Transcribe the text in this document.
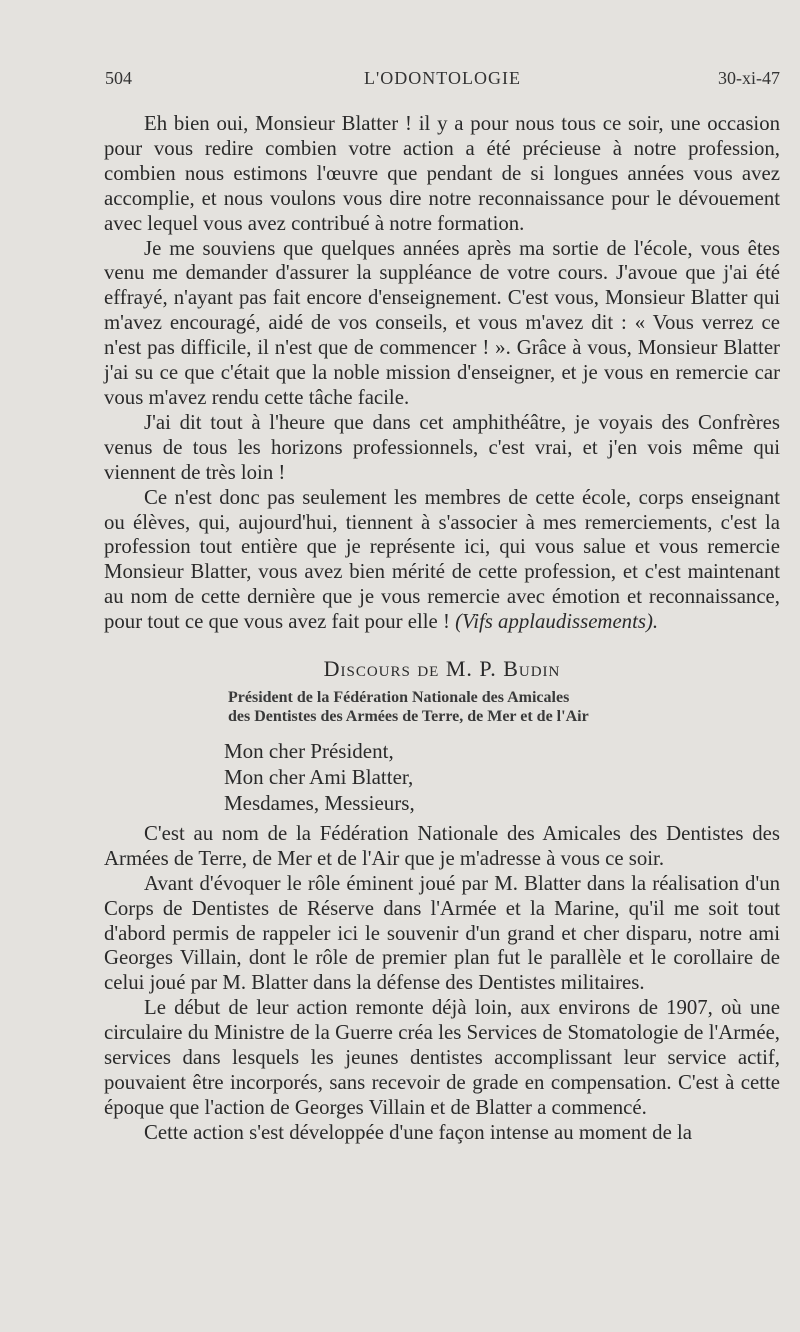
504	L'ODONTOLOGIE	30-xi-47

Eh bien oui, Monsieur Blatter ! il y a pour nous tous ce soir, une occasion pour vous redire combien votre action a été précieuse à notre profession, combien nous estimons l'œuvre que pendant de si longues années vous avez accomplie, et nous voulons vous dire notre reconnaissance pour le dévouement avec lequel vous avez contribué à notre formation.

Je me souviens que quelques années après ma sortie de l'école, vous êtes venu me demander d'assurer la suppléance de votre cours. J'avoue que j'ai été effrayé, n'ayant pas fait encore d'enseignement. C'est vous, Monsieur Blatter qui m'avez encouragé, aidé de vos conseils, et vous m'avez dit : « Vous verrez ce n'est pas difficile, il n'est que de commencer ! ». Grâce à vous, Monsieur Blatter j'ai su ce que c'était que la noble mission d'enseigner, et je vous en remercie car vous m'avez rendu cette tâche facile.

J'ai dit tout à l'heure que dans cet amphithéâtre, je voyais des Confrères venus de tous les horizons professionnels, c'est vrai, et j'en vois même qui viennent de très loin !

Ce n'est donc pas seulement les membres de cette école, corps enseignant ou élèves, qui, aujourd'hui, tiennent à s'associer à mes remerciements, c'est la profession tout entière que je représente ici, qui vous salue et vous remercie Monsieur Blatter, vous avez bien mérité de cette profession, et c'est maintenant au nom de cette dernière que je vous remercie avec émotion et reconnaissance, pour tout ce que vous avez fait pour elle ! (Vifs applaudissements).

Discours de M. P. Budin
Président de la Fédération Nationale des Amicales
des Dentistes des Armées de Terre, de Mer et de l'Air
Mon cher Président,
Mon cher Ami Blatter,
Mesdames, Messieurs,

C'est au nom de la Fédération Nationale des Amicales des Dentistes des Armées de Terre, de Mer et de l'Air que je m'adresse à vous ce soir.

Avant d'évoquer le rôle éminent joué par M. Blatter dans la réalisation d'un Corps de Dentistes de Réserve dans l'Armée et la Marine, qu'il me soit tout d'abord permis de rappeler ici le souvenir d'un grand et cher disparu, notre ami Georges Villain, dont le rôle de premier plan fut le parallèle et le corollaire de celui joué par M. Blatter dans la défense des Dentistes militaires.

Le début de leur action remonte déjà loin, aux environs de 1907, où une circulaire du Ministre de la Guerre créa les Services de Stomatologie de l'Armée, services dans lesquels les jeunes dentistes accomplissant leur service actif, pouvaient être incorporés, sans recevoir de grade en compensation. C'est à cette époque que l'action de Georges Villain et de Blatter a commencé.

Cette action s'est développée d'une façon intense au moment de la
